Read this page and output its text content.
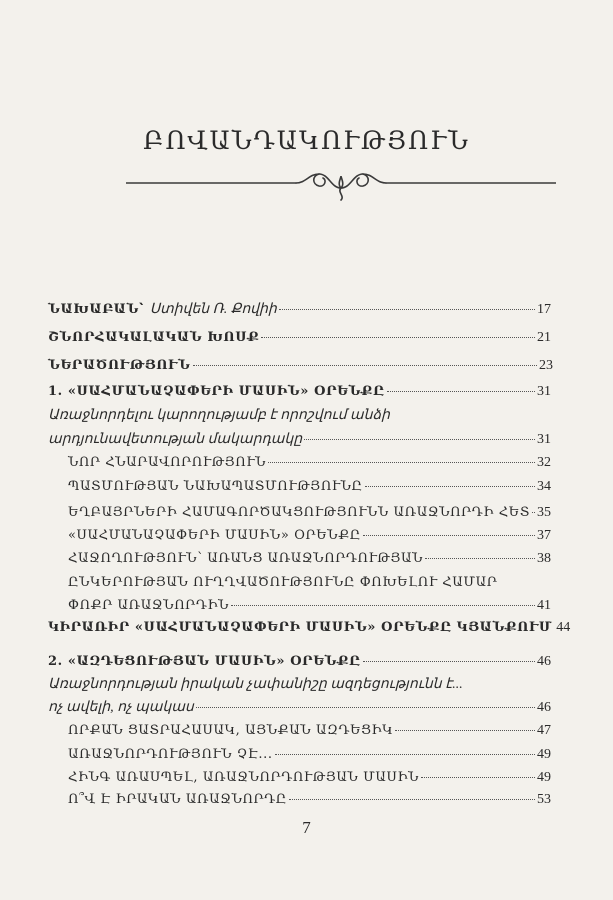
ԲՈՎԱՆԴԱԿՈՒԹՅՈՒՆ
ՆԱԽԱԲԱՆ՝ Ստիվեն Ռ. Քովիի	17
ՇՆՈՐՀԱԿԱԼԱԿԱՆ ԽՈՍՔ	21
ՆԵՐԱԾՈՒԹՅՈՒՆ	23
1. «ՍԱՀՄԱՆԱՉԱՓԵՐԻ ՄԱՍԻՆ» ՕՐԵՆՔԸ	31
Առաջնորդելու կարողությամբ է որոշվում անձի
արդյունավետության մակարդակը	31
ՆՈՐ ՀՆԱՐԱՎՈՐՈՒԹՅՈՒՆ	32
ՊԱՏՄՈՒԹՅԱՆ ՆԱԽԱՊԱՏՄՈՒԹՅՈՒՆԸ	34
ԵՂԲԱՅՐՆԵՐԻ ՀԱՄԱԳՈՐԾԱԿՑՈՒԹՅՈՒՆՆ ԱՌԱՋՆՈՐԴԻ ՀԵՏ 35
«ՍԱՀՄԱՆԱՉԱՓԵՐԻ ՄԱՍԻՆ» ՕՐԵՆՔԸ	37
ՀԱՋՈՂՈՒԹՅՈՒՆ՝ ԱՌԱՆՑ ԱՌԱՋՆՈՐԴՈՒԹՅԱՆ	38
ԸՆԿԵՐՈՒԹՅԱՆ ՈՒՂՂՎԱԾՈՒԹՅՈՒՆԸ ՓՈԽԵԼՈՒ ՀԱՄԱՐ
ՓՈՔՐ ԱՌԱՋՆՈՐԴԻՆ	41
ԿԻՐԱՌԻՐ «ՍԱՀՄԱՆԱՉԱՓԵՐԻ ՄԱՍԻՆ» ՕՐԵՆՔԸ ԿՅԱՆՔՈՒՄ 44
2. «ԱԶԴԵՑՈՒԹՅԱՆ ՄԱՍԻՆ» ՕՐԵՆՔԸ	46
Առաջնորդության իրական չափանիշը ազդեցությունն է...
ոչ ավելի, ոչ պակաս	46
ՈՐՔԱՆ ՑԱՏՐԱՀԱՍԱԿ, ԱՅՆՔԱՆ ԱԶԴԵՑԻԿ	47
ԱՌԱՋՆՈՐԴՈՒԹՅՈՒՆ ՉԷ...	49
ՀԻՆԳ ԱՌԱՍՊԵԼ, ԱՌԱՋՆՈՐԴՈՒԹՅԱՆ ՄԱՍԻՆ	49
Ո՞Վ Է ԻՐԱԿԱՆ ԱՌԱՋՆՈՐԴԸ	53
7
